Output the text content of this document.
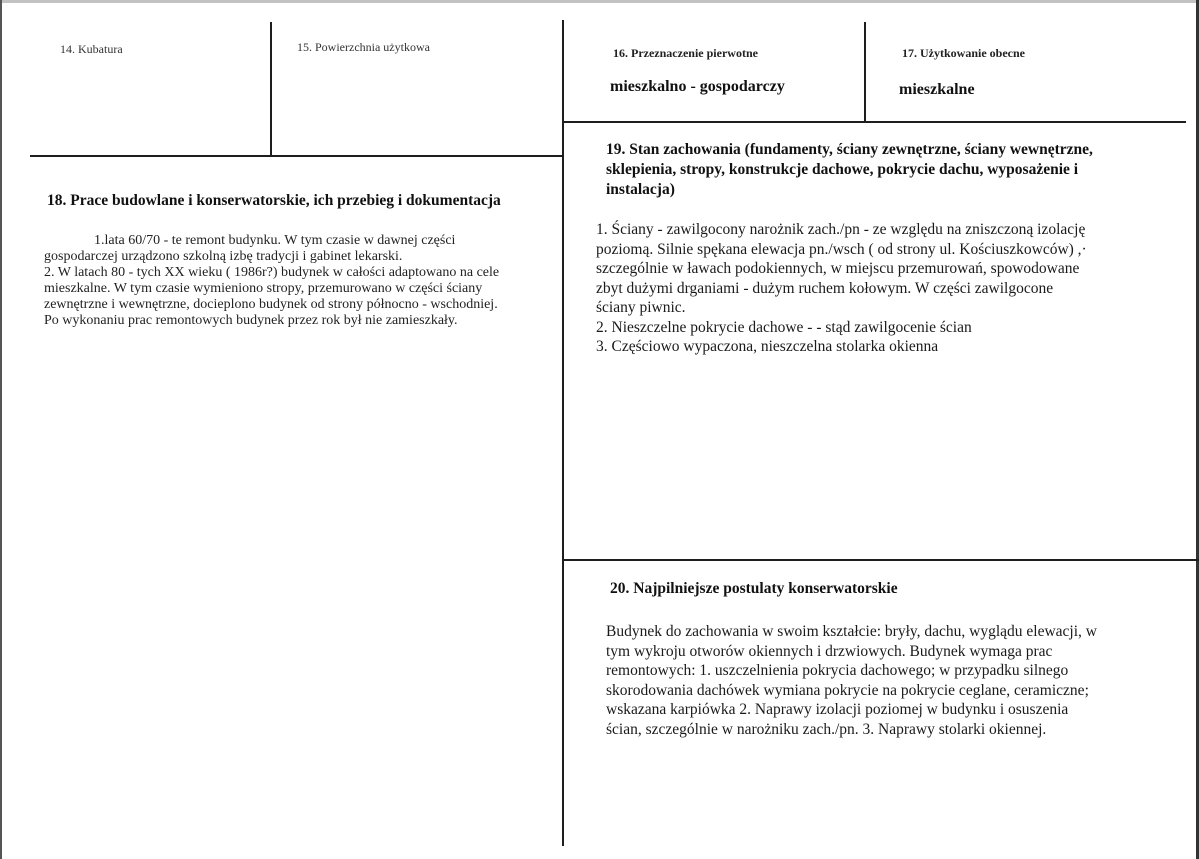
14. Kubatura	15. Powierzchnia użytkowa	16. Przeznaczenie pierwotne
mieszkalno - gospodarczy
17. Użytkowanie obecne
mieszkalne
18. Prace budowlane i konserwatorskie, ich przebieg i dokumentacja
1.lata 60/70 - te remont budynku. W tym czasie w dawnej części
gospodarczej urządzono szkolną izbę tradycji i gabinet lekarski.
2. W latach 80 - tych XX wieku ( 1986r?) budynek w całości adaptowano na cele
mieszkalne. W tym czasie wymieniono stropy, przemurowano w części ściany
zewnętrzne i wewnętrzne, docieplono budynek od strony północno - wschodniej.
Po wykonaniu prac remontowych budynek przez rok był nie zamieszkały.
19. Stan zachowania (fundamenty, ściany zewnętrzne, ściany wewnętrzne,
sklepienia, stropy, konstrukcje dachowe, pokrycie dachu, wyposażenie i
instalacja)
1. Ściany - zawilgocony narożnik zach./pn - ze względu na zniszczoną izolację
poziomą. Silnie spękana elewacja pn./wsch ( od strony ul. Kościuszkowców) ,·
szczególnie w ławach podokiennych, w miejscu przemurowań, spowodowane
zbyt dużymi drganiami - dużym ruchem kołowym. W części zawilgocone
ściany piwnic.
2. Nieszczelne pokrycie dachowe - - stąd zawilgocenie ścian
3. Częściowo wypaczona, nieszczelna stolarka okienna
20. Najpilniejsze postulaty konserwatorskie
Budynek do zachowania w swoim kształcie: bryły, dachu, wyglądu elewacji, w
tym wykroju otworów okiennych i drzwiowych. Budynek wymaga prac
remontowych: 1. uszczelnienia pokrycia dachowego; w przypadku silnego
skorodowania dachówek wymiana pokrycie na pokrycie ceglane, ceramiczne;
wskazana karpiówka 2. Naprawy izolacji poziomej w budynku i osuszenia
ścian, szczególnie w narożniku zach./pn. 3. Naprawy stolarki okiennej.
